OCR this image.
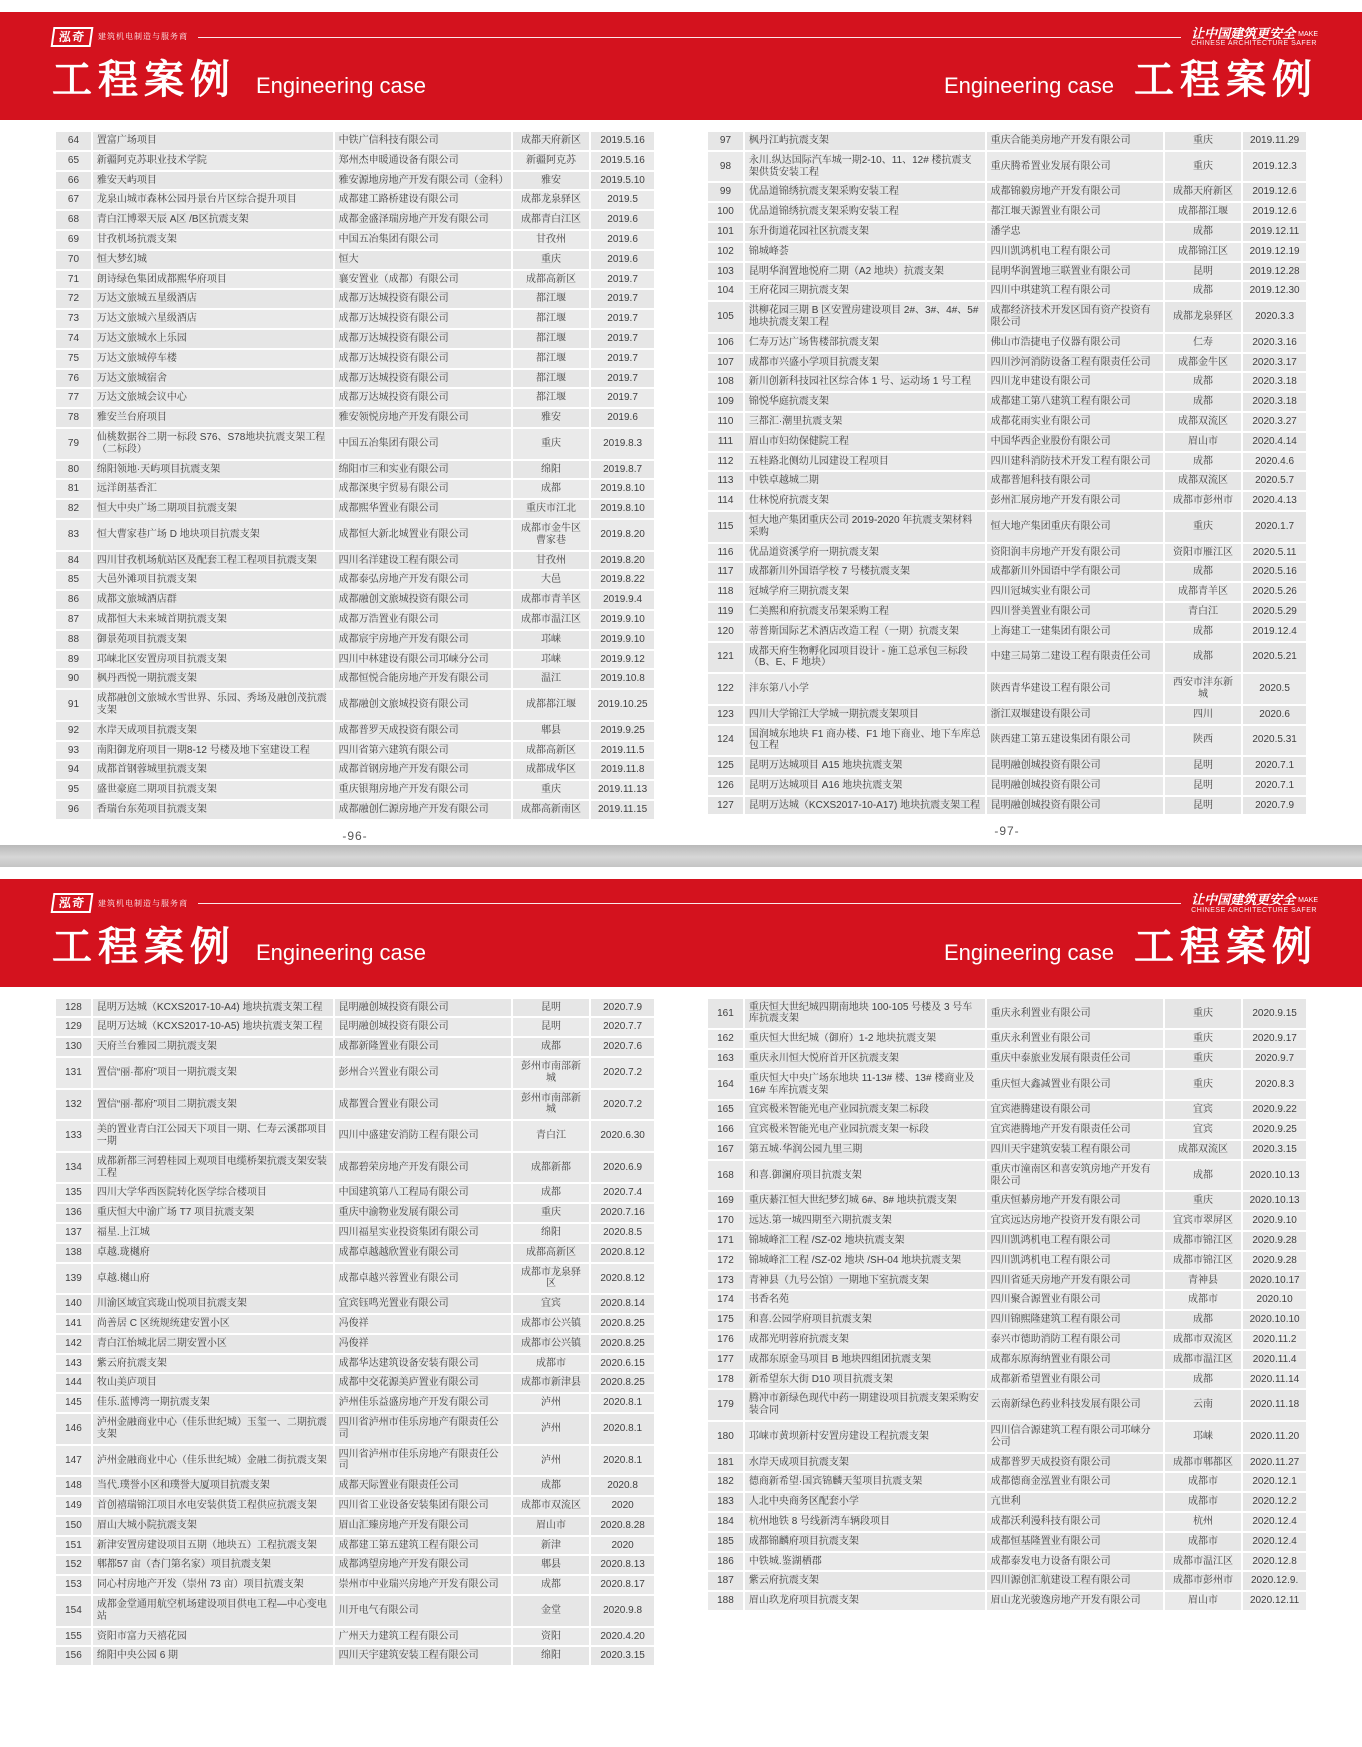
泓奇	建筑机电制造与服务商	让中国建筑更安全 MAKE
CHINESE ARCHITECTURE SAFER
工程案例 Engineering case	Engineering case 工程案例
64	置富广场项目	中铁广信科技有限公司	成都天府新区	2019.5.16
65	新疆阿克苏职业技术学院	郑州杰申暖通设备有限公司	新疆阿克苏	2019.5.16
66	雅安天屿项目	雅安源地房地产开发有限公司（金科）	雅安	2019.5.10
67	龙泉山城市森林公园丹景台片区综合提升项目	成都建工路桥建设有限公司	成都龙泉驿区	2019.5
68	青白江博翠天辰 A区 /B区抗震支架	成都金盛泽瑞房地产开发有限公司	成都青白江区	2019.6
69	甘孜机场抗震支架	中国五冶集团有限公司	甘孜州	2019.6
70	恒大梦幻城	恒大	重庆	2019.6
71	朗诗绿色集团成都熙华府项目	襄安置业（成都）有限公司	成都高新区	2019.7
72	万达文旅城五星级酒店	成都万达城投资有限公司	都江堰	2019.7
73	万达文旅城六星级酒店	成都万达城投资有限公司	都江堰	2019.7
74	万达文旅城水上乐园	成都万达城投资有限公司	都江堰	2019.7
75	万达文旅城停车楼	成都万达城投资有限公司	都江堰	2019.7
76	万达文旅城宿舍	成都万达城投资有限公司	都江堰	2019.7
77	万达文旅城会议中心	成都万达城投资有限公司	都江堰	2019.7
78	雅安兰台府项目	雅安领悦房地产开发有限公司	雅安	2019.6
79	仙桃数据谷二期一标段 S76、S78地块抗震支架工程（二标段）	中国五冶集团有限公司	重庆	2019.8.3
80	绵阳领地·天屿项目抗震支架	绵阳市三和实业有限公司	绵阳	2019.8.7
81	远洋朗基香汇	成都深奥宇贸易有限公司	成都	2019.8.10
82	恒大中央广场二期项目抗震支架	成都熙华置业有限公司	重庆市江北	2019.8.10
83	恒大曹家巷广场 D 地块项目抗震支架	成都恒大新北城置业有限公司	成都市金牛区曹家巷	2019.8.20
84	四川甘孜机场航站区及配套工程工程项目抗震支架	四川名洋建设工程有限公司	甘孜州	2019.8.20
85	大邑外滩项目抗震支架	成都泰弘房地产开发有限公司	大邑	2019.8.22
86	成都文旅城酒店群	成都融创文旅城投资有限公司	成都市青羊区	2019.9.4
87	成都恒大未来城首期抗震支架	成都万浩置业有限公司	成都市温江区	2019.9.10
88	御景苑项目抗震支架	成都宸宇房地产开发有限公司	邛崃	2019.9.10
89	邛崃北区安置房项目抗震支架	四川中林建设有限公司邛崃分公司	邛崃	2019.9.12
90	枫丹西悦一期抗震支架	成都恒悦合能房地产开发有限公司	温江	2019.10.8
91	成都融创文旅城水雪世界、乐园、秀场及融创茂抗震支架	成都融创文旅城投资有限公司	成都都江堰	2019.10.25
92	水岸天成项目抗震支架	成都普罗天成投资有限公司	郫县	2019.9.25
93	南阳御龙府项目一期8-12 号楼及地下室建设工程	四川省第六建筑有限公司	成都高新区	2019.11.5
94	成都首钢蓉城里抗震支架	成都首钢房地产开发有限公司	成都成华区	2019.11.8
95	盛世豪庭二期项目抗震支架	重庆银翔房地产开发有限公司	重庆	2019.11.13
96	香瑞台东苑项目抗震支架	成都融创仁源房地产开发有限公司	成都高新南区	2019.11.15
-96-
97	枫丹江屿抗震支架	重庆合能美房地产开发有限公司	重庆	2019.11.29
98	永川.纵达国际汽车城一期2-10、11、12# 楼抗震支架供货安装工程	重庆腾希置业发展有限公司	重庆	2019.12.3
99	优品道锦绣抗震支架采购安装工程	成都锦毅房地产开发有限公司	成都天府新区	2019.12.6
100	优品道锦绣抗震支架采购安装工程	都江堰天源置业有限公司	成都都江堰	2019.12.6
101	东升街道花园社区抗震支架	潘学忠	成都	2019.12.11
102	锦城峰荟	四川凯鸿机电工程有限公司	成都锦江区	2019.12.19
103	昆明华润置地悦府二期（A2 地块）抗震支架	昆明华润置地三联置业有限公司	昆明	2019.12.28
104	王府花园三期抗震支架	四川中琪建筑工程有限公司	成都	2019.12.30
105	洪柳花园三期 B 区安置房建设项目 2#、3#、4#、5# 地块抗震支架工程	成都经济技术开发区国有资产投资有限公司	成都龙泉驿区	2020.3.3
106	仁寿万达广场售楼部抗震支架	佛山市浩捷电子仪器有限公司	仁寿	2020.3.16
107	成都市兴盛小学项目抗震支架	四川沙河消防设备工程有限责任公司	成都金牛区	2020.3.17
108	新川创新科技园社区综合体 1 号、运动场 1 号工程	四川龙申建设有限公司	成都	2020.3.18
109	锦悦华庭抗震支架	成都建工第八建筑工程有限公司	成都	2020.3.18
110	三都汇·潮里抗震支架	成都花雨实业有限公司	成都双流区	2020.3.27
111	眉山市妇幼保健院工程	中国华西企业股份有限公司	眉山市	2020.4.14
112	五桂路北侧幼儿园建设工程项目	四川建科消防技术开发工程有限公司	成都	2020.4.6
113	中铁卓越城二期	成都普旭科技有限公司	成都双流区	2020.5.7
114	仕林悦府抗震支架	彭州汇展房地产开发有限公司	成都市彭州市	2020.4.13
115	恒大地产集团重庆公司 2019-2020 年抗震支架材料采购	恒大地产集团重庆有限公司	重庆	2020.1.7
116	优品道资溪学府一期抗震支架	资阳润丰房地产开发有限公司	资阳市雁江区	2020.5.11
117	成都新川外国语学校 7 号楼抗震支架	成都新川外国语中学有限公司	成都	2020.5.16
118	冠城学府三期抗震支架	四川冠城实业有限公司	成都青羊区	2020.5.26
119	仁美熙和府抗震支吊架采购工程	四川誉美置业有限公司	青白江	2020.5.29
120	蒂普斯国际艺术酒店改造工程（一期）抗震支架	上海建工一建集团有限公司	成都	2019.12.4
121	成都天府生物孵化园项目设计 - 施工总承包三标段（B、E、F 地块）	中建三局第二建设工程有限责任公司	成都	2020.5.21
122	沣东第八小学	陕西青华建设工程有限公司	西安市沣东新城	2020.5
123	四川大学锦江大学城一期抗震支架项目	浙江双堰建设有限公司	四川	2020.6
124	国润城东地块 F1 商办楼、F1 地下商业、地下车库总包工程	陕西建工第五建设集团有限公司	陕西	2020.5.31
125	昆明万达城项目 A15 地块抗震支架	昆明融创城投资有限公司	昆明	2020.7.1
126	昆明万达城项目 A16 地块抗震支架	昆明融创城投资有限公司	昆明	2020.7.1
127	昆明万达城（KCXS2017-10-A17) 地块抗震支架工程	昆明融创城投资有限公司	昆明	2020.7.9
-97-
泓奇	建筑机电制造与服务商	让中国建筑更安全 MAKE
CHINESE ARCHITECTURE SAFER
工程案例 Engineering case	Engineering case 工程案例
128	昆明万达城（KCXS2017-10-A4) 地块抗震支架工程	昆明融创城投资有限公司	昆明	2020.7.9
129	昆明万达城（KCXS2017-10-A5) 地块抗震支架工程	昆明融创城投资有限公司	昆明	2020.7.7
130	天府兰台雅园二期抗震支架	成都新隆置业有限公司	成都	2020.7.6
131	置信“丽·都府”项目一期抗震支架	彭州合兴置业有限公司	彭州市南部新城	2020.7.2
132	置信“丽·都府”项目二期抗震支架	成都置合置业有限公司	彭州市南部新城	2020.7.2
133	美的置业青白江公园天下项目一期、仁寿云溪郡项目一期	四川中盛建安消防工程有限公司	青白江	2020.6.30
134	成都新都三河碧桂园上观项目电缆桥架抗震支架安装工程	成都碧荣房地产开发有限公司	成都新都	2020.6.9
135	四川大学华西医院转化医学综合楼项目	中国建筑第八工程局有限公司	成都	2020.7.4
136	重庆恒大中渝广场 T7 项目抗震支架	重庆中渝物业发展有限公司	重庆	2020.7.16
137	福星.上江城	四川福星实业投资集团有限公司	绵阳	2020.8.5
138	卓越.珑樾府	成都卓越越欣置业有限公司	成都高新区	2020.8.12
139	卓越.樾山府	成都卓越兴蓉置业有限公司	成都市龙泉驿区	2020.8.12
140	川渝区域宜宾珑山悦项目抗震支架	宜宾钰鸣光置业有限公司	宜宾	2020.8.14
141	尚善居 C 区统规统建安置小区	冯俊祥	成都市公兴镇	2020.8.25
142	青白江怡城北居二期安置小区	冯俊祥	成都市公兴镇	2020.8.25
143	紫云府抗震支架	成都华达建筑设备安装有限公司	成都市	2020.6.15
144	牧山美庐项目	成都中交花源美庐置业有限公司	成都市新津县	2020.8.25
145	佳乐.蓝博湾一期抗震支架	泸州佳乐益盛房地产开发有限公司	泸州	2020.8.1
146	泸州金融商业中心（佳乐世纪城）玉玺一、二期抗震支架	四川省泸州市佳乐房地产有限责任公司	泸州	2020.8.1
147	泸州金融商业中心（佳乐世纪城）金融二街抗震支架	四川省泸州市佳乐房地产有限责任公司	泸州	2020.8.1
148	当代.璞誉小区和璞誉大厦项目抗震支架	成都天际置业有限责任公司	成都	2020.8
149	首创禧瑞锦江项目水电安装供货工程供应抗震支架	四川省工业设备安装集团有限公司	成都市双流区	2020
150	眉山大城小院抗震支架	眉山汇臻房地产开发有限公司	眉山市	2020.8.28
151	新津安置房建设项目五期（地块五）工程抗震支架	成都建工第五建筑工程有限公司	新津	2020
152	郫都57 亩（杏门第名家）项目抗震支架	成都鸿望房地产开发有限公司	郫县	2020.8.13
153	同心村房地产开发（崇州 73 亩）项目抗震支架	崇州市中业瑞兴房地产开发有限公司	成都	2020.8.17
154	成都金堂通用航空机场建设项目供电工程—中心变电站	川开电气有限公司	金堂	2020.9.8
155	资阳市富力天禧花园	广州天力建筑工程有限公司	资阳	2020.4.20
156	绵阳中央公园 6 期	四川天宇建筑安装工程有限公司	绵阳	2020.3.15
161	重庆恒大世纪城四期南地块 100-105 号楼及 3 号车库抗震支架	重庆永利置业有限公司	重庆	2020.9.15
162	重庆恒大世纪城（御府）1-2 地块抗震支架	重庆永利置业有限公司	重庆	2020.9.17
163	重庆永川恒大悦府首开区抗震支架	重庆中泰旅业发展有限责任公司	重庆	2020.9.7
164	重庆恒大中央广场东地块 11-13# 楼、13# 楼商业及 16# 车库抗震支架	重庆恒大鑫减置业有限公司	重庆	2020.8.3
165	宜宾极米智能光电产业园抗震支架二标段	宜宾港腾建设有限公司	宜宾	2020.9.22
166	宜宾极米智能光电产业园抗震支架一标段	宜宾港腾地产开发有限责任公司	宜宾	2020.9.25
167	第五城·华润公园九里三期	四川天宇建筑安装工程有限公司	成都双流区	2020.3.15
168	和喜.御澜府项目抗震支架	重庆市潼南区和喜安筑房地产开发有限公司	成都	2020.10.13
169	重庆綦江恒大世纪梦幻城 6#、8# 地块抗震支架	重庆恒綦房地产开发有限公司	重庆	2020.10.13
170	远达.第一城四期至六期抗震支架	宜宾远达房地产投资开发有限公司	宜宾市翠屏区	2020.9.10
171	锦城峰汇工程 /SZ-02 地块抗震支架	四川凯鸿机电工程有限公司	成都市锦江区	2020.9.28
172	锦城峰汇工程 /SZ-02 地块 /SH-04 地块抗震支架	四川凯鸿机电工程有限公司	成都市锦江区	2020.9.28
173	青神县（九号公馆）一期地下室抗震支架	四川省延天房地产开发有限公司	青神县	2020.10.17
174	书香名苑	四川聚合源置业有限公司	成都市	2020.10
175	和喜.公园学府项目抗震支架	四川锦熙隆建筑工程有限公司	成都	2020.10.10
176	成都光明蓉府抗震支架	泰兴市德助消防工程有限公司	成都市双流区	2020.11.2
177	成都东原金马项目 B 地块四组团抗震支架	成都东原海纳置业有限公司	成都市温江区	2020.11.4
178	新希望东大街 D10 项目抗震支架	成都新希望置业有限公司	成都	2020.11.14
179	腾冲市新绿色现代中药一期建设项目抗震支架采购安装合同	云南新绿色药业科技发展有限公司	云南	2020.11.18
180	邛崃市黄坝新村安置房建设工程抗震支架	四川信合源建筑工程有限公司邛崃分公司	邛崃	2020.11.20
181	水岸天成项目抗震支架	成都普罗天成投资有限公司	成都市郫都区	2020.11.27
182	德商新希望·国宾锦麟天玺项目抗震支架	成都德商金泓置业有限公司	成都市	2020.12.1
183	人北中央商务区配套小学	亢世利	成都市	2020.12.2
184	杭州地铁 8 号线新湾车辆段项目	成都沃利漫科技有限公司	杭州	2020.12.4
185	成都锦麟府项目抗震支架	成都恒基隆置业有限公司	成都市	2020.12.4
186	中铁城.鉴湖栖郡	成都泰发电力设备有限公司	成都市温江区	2020.12.8
187	紫云府抗震支架	四川源创汇航建设工程有限公司	成都市彭州市	2020.12.9.
188	眉山玖龙府项目抗震支架	眉山龙光骏逸房地产开发有限公司	眉山市	2020.12.11
